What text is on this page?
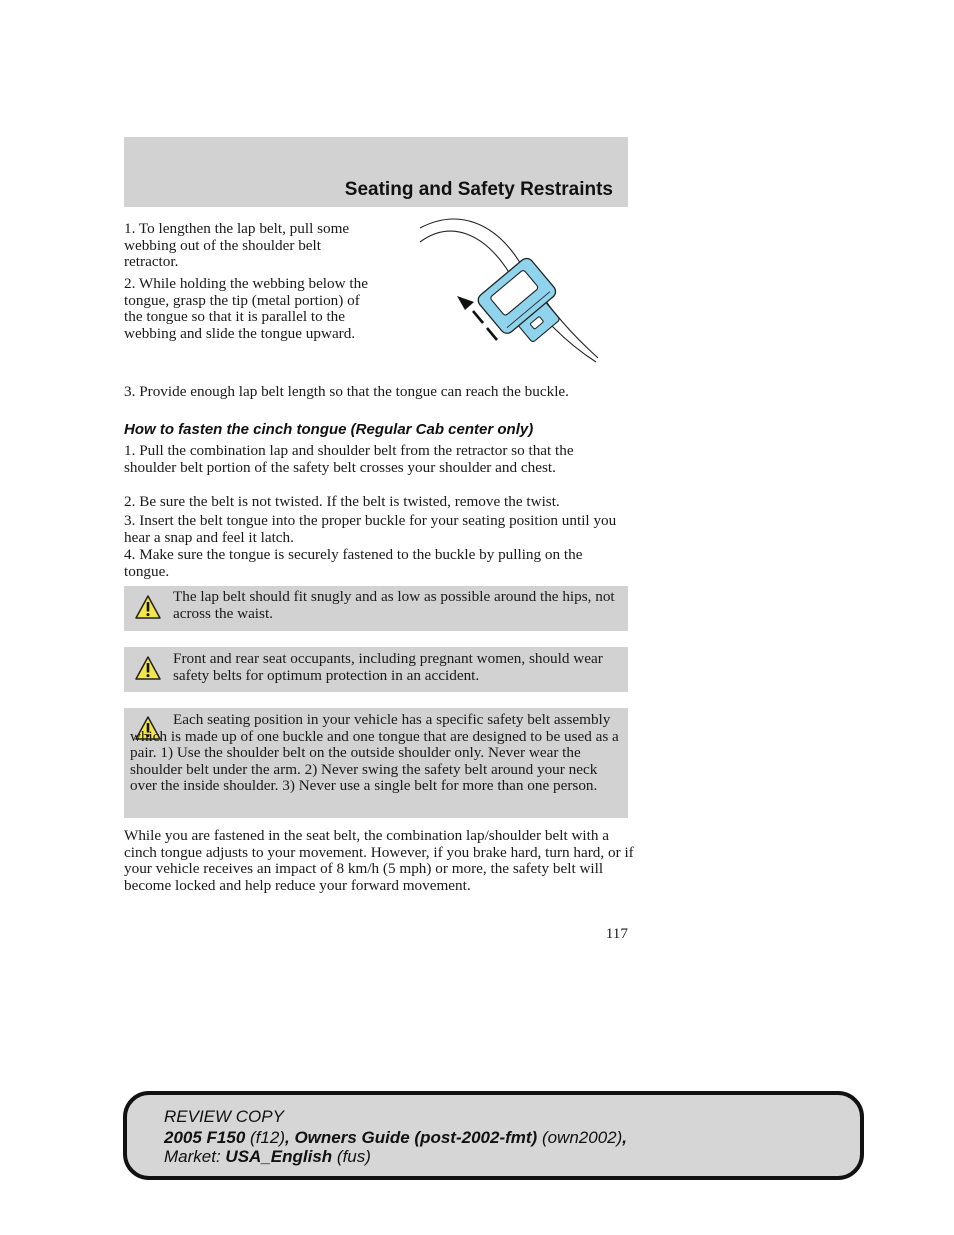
Seating and Safety Restraints

1. To lengthen the lap belt, pull some webbing out of the shoulder belt retractor.

2. While holding the webbing below the tongue, grasp the tip (metal portion) of the tongue so that it is parallel to the webbing and slide the tongue upward.

3. Provide enough lap belt length so that the tongue can reach the buckle.

How to fasten the cinch tongue (Regular Cab center only)

1. Pull the combination lap and shoulder belt from the retractor so that the shoulder belt portion of the safety belt crosses your shoulder and chest.

2. Be sure the belt is not twisted. If the belt is twisted, remove the twist.

3. Insert the belt tongue into the proper buckle for your seating position until you hear a snap and feel it latch.

4. Make sure the tongue is securely fastened to the buckle by pulling on the tongue.

The lap belt should fit snugly and as low as possible around the hips, not across the waist.

Front and rear seat occupants, including pregnant women, should wear safety belts for optimum protection in an accident.

Each seating position in your vehicle has a specific safety belt assembly which is made up of one buckle and one tongue that are designed to be used as a pair. 1) Use the shoulder belt on the outside shoulder only. Never wear the shoulder belt under the arm. 2) Never swing the safety belt around your neck over the inside shoulder. 3) Never use a single belt for more than one person.

While you are fastened in the seat belt, the combination lap/shoulder belt with a cinch tongue adjusts to your movement. However, if you brake hard, turn hard, or if your vehicle receives an impact of 8 km/h (5 mph) or more, the safety belt will become locked and help reduce your forward movement.

117
REVIEW COPY
2005 F150 (f12), Owners Guide (post-2002-fmt) (own2002),
Market: USA_English (fus)
